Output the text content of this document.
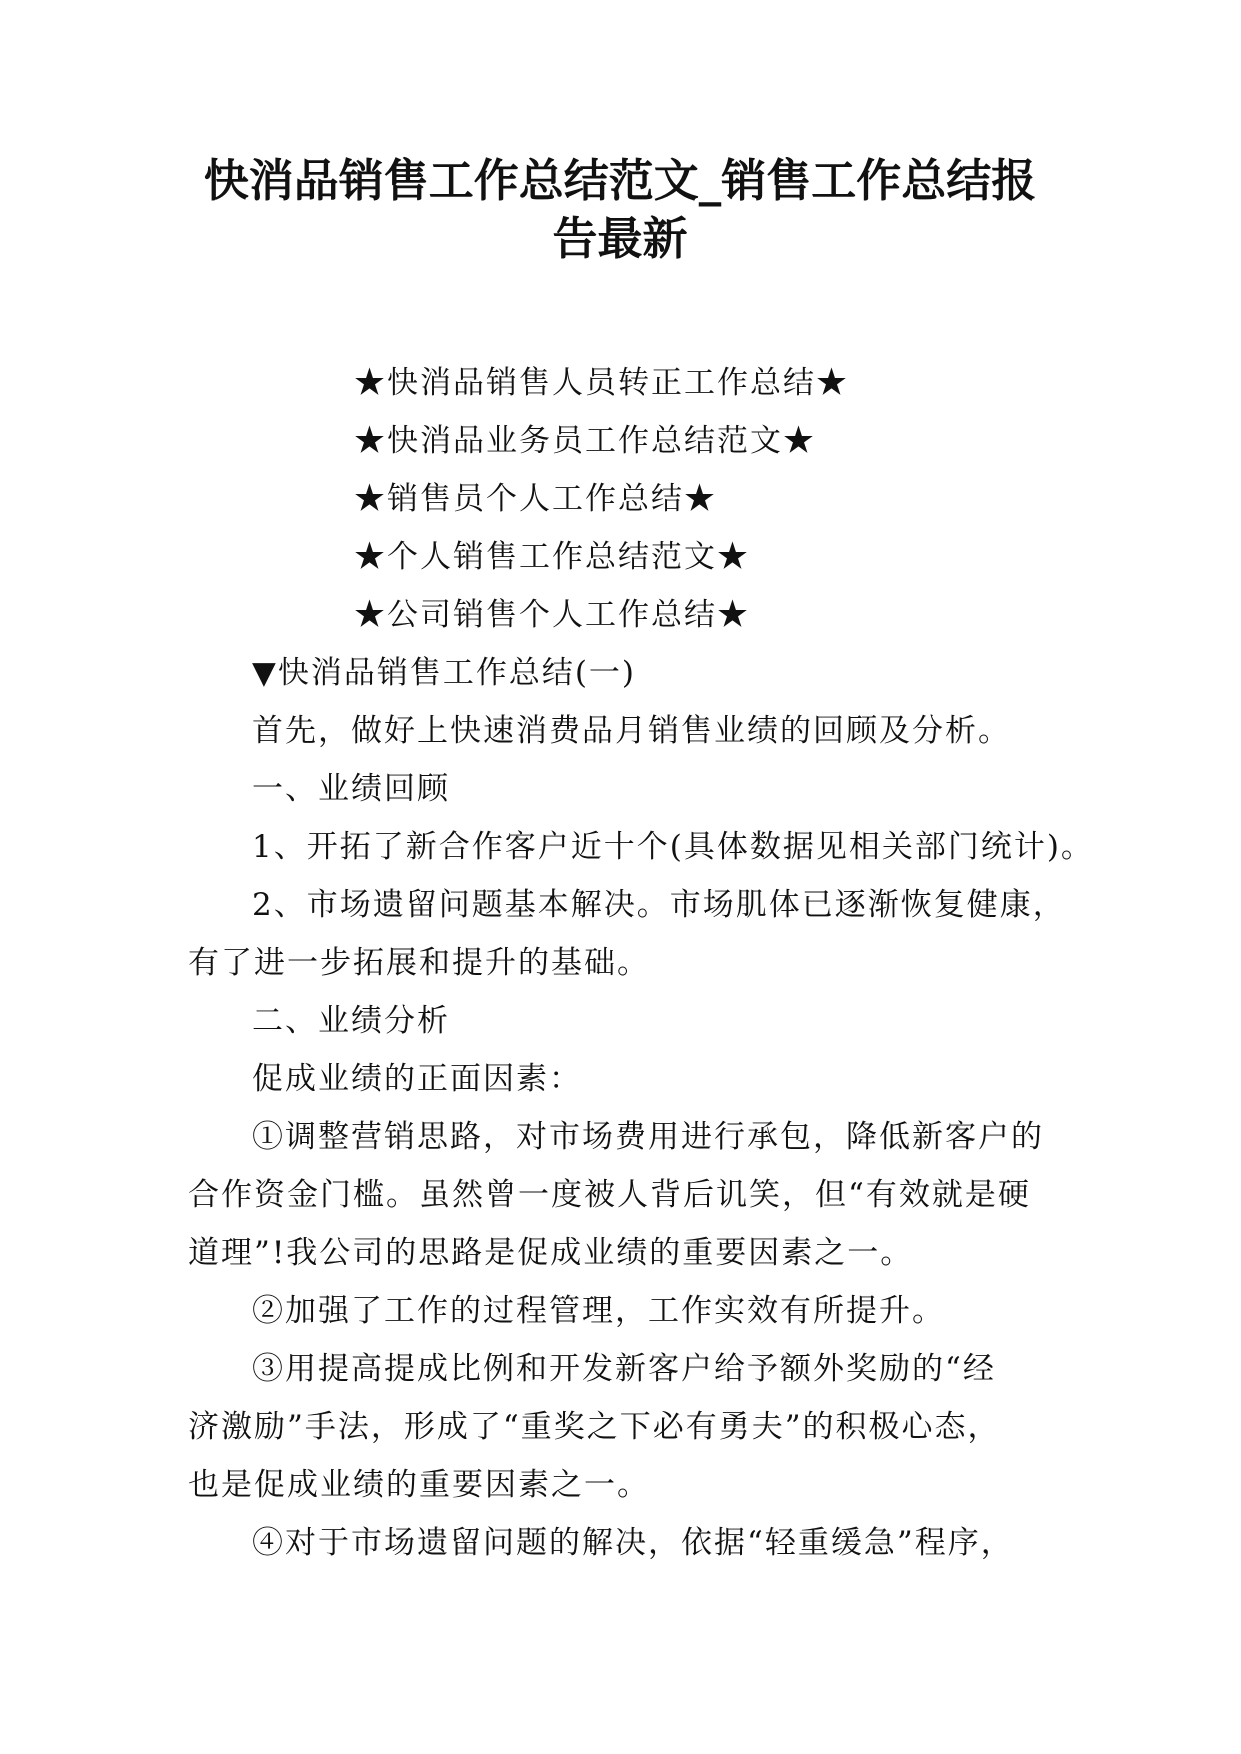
快消品销售工作总结范文_销售工作总结报
告最新
★快消品销售人员转正工作总结★
★快消品业务员工作总结范文★
★销售员个人工作总结★
★个人销售工作总结范文★
★公司销售个人工作总结★

▼快消品销售工作总结(一)

首先，做好上快速消费品月销售业绩的回顾及分析。

一、业绩回顾

1、开拓了新合作客户近十个(具体数据见相关部门统计)。

2、市场遗留问题基本解决。市场肌体已逐渐恢复健康，

有了进一步拓展和提升的基础。

二、业绩分析

促成业绩的正面因素：

①调整营销思路，对市场费用进行承包，降低新客户的

合作资金门槛。虽然曾一度被人背后讥笑，但“有效就是硬

道理”!我公司的思路是促成业绩的重要因素之一。

②加强了工作的过程管理，工作实效有所提升。

③用提高提成比例和开发新客户给予额外奖励的“经

济激励”手法，形成了“重奖之下必有勇夫”的积极心态，

也是促成业绩的重要因素之一。

④对于市场遗留问题的解决，依据“轻重缓急”程序，
